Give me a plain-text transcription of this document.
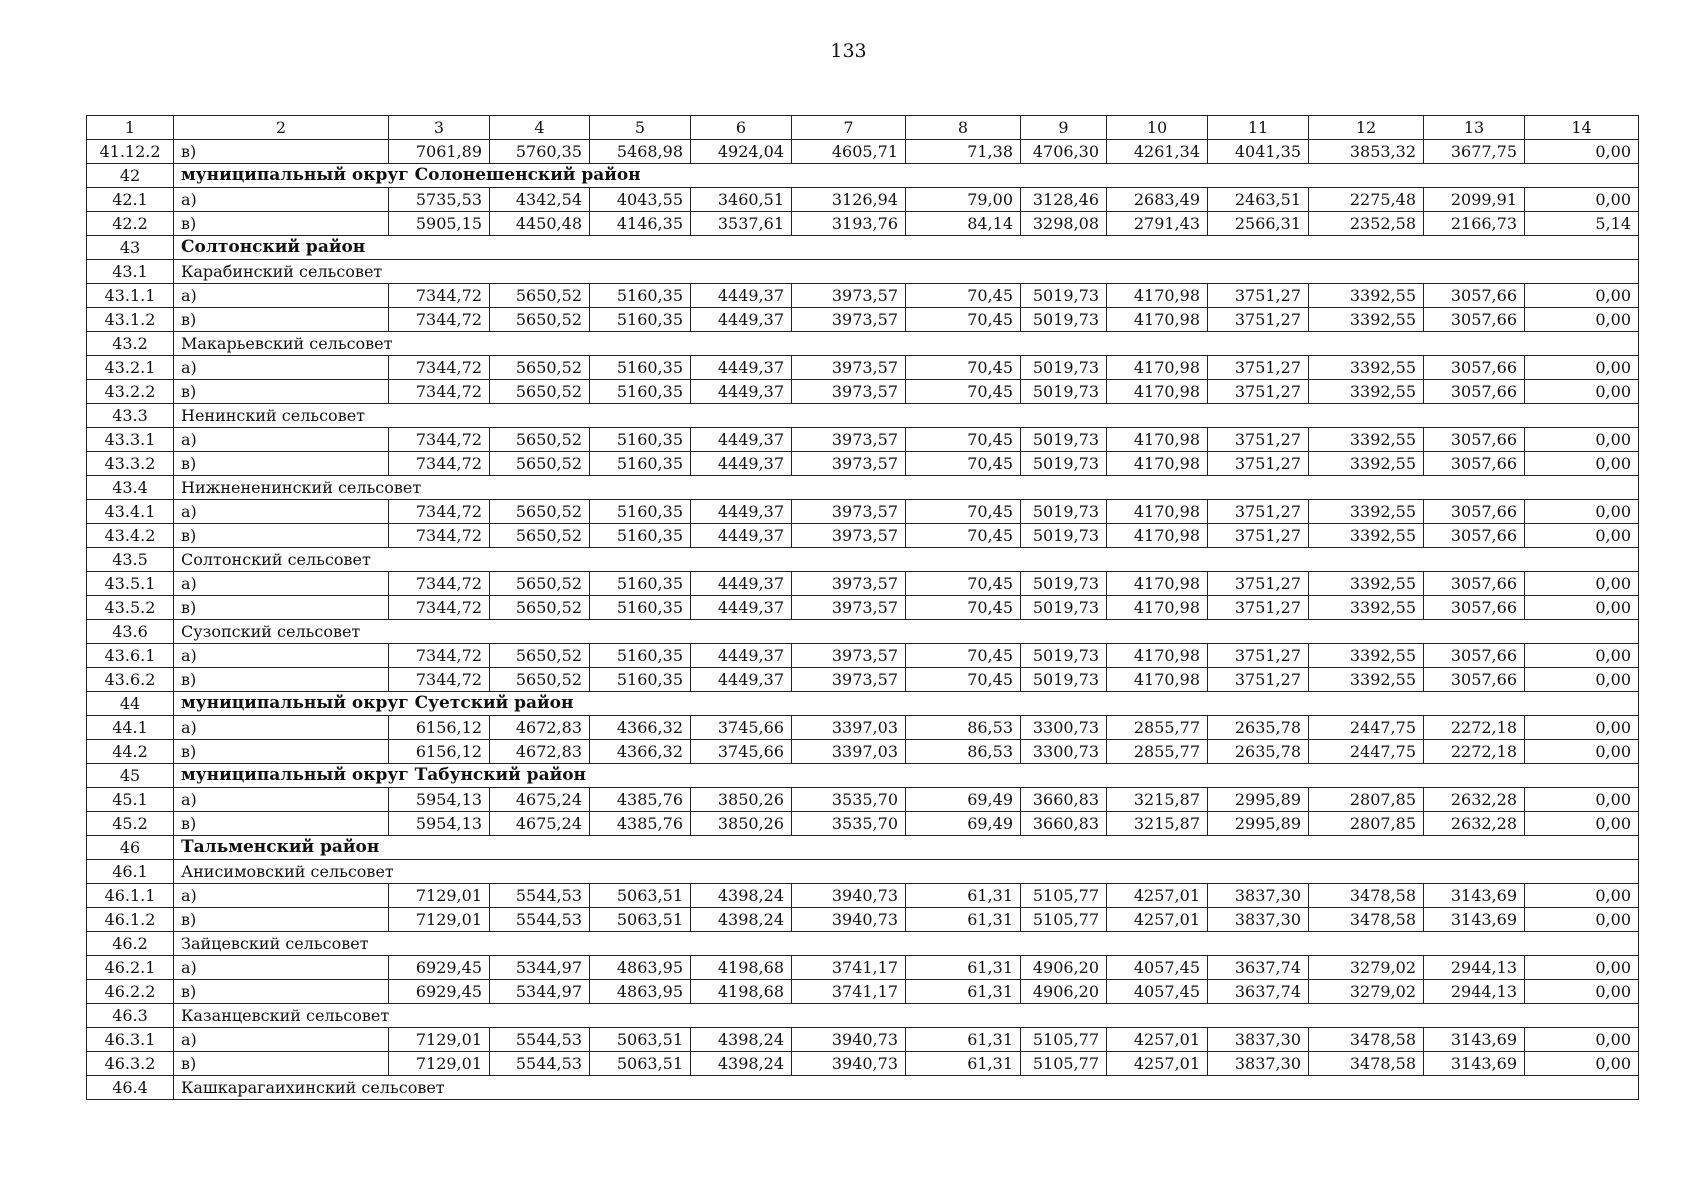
133
1	2	3	4	5	6	7	8	9	10	11	12	13	14
41.12.2	в)	7061,89	5760,35	5468,98	4924,04	4605,71	71,38	4706,30	4261,34	4041,35	3853,32	3677,75	0,00
42	муниципальный округ Солонешенский район												
42.1	а)	5735,53	4342,54	4043,55	3460,51	3126,94	79,00	3128,46	2683,49	2463,51	2275,48	2099,91	0,00
42.2	в)	5905,15	4450,48	4146,35	3537,61	3193,76	84,14	3298,08	2791,43	2566,31	2352,58	2166,73	5,14
43	Солтонский район												
43.1	Карабинский сельсовет												
43.1.1	а)	7344,72	5650,52	5160,35	4449,37	3973,57	70,45	5019,73	4170,98	3751,27	3392,55	3057,66	0,00
43.1.2	в)	7344,72	5650,52	5160,35	4449,37	3973,57	70,45	5019,73	4170,98	3751,27	3392,55	3057,66	0,00
43.2	Макарьевский сельсовет												
43.2.1	а)	7344,72	5650,52	5160,35	4449,37	3973,57	70,45	5019,73	4170,98	3751,27	3392,55	3057,66	0,00
43.2.2	в)	7344,72	5650,52	5160,35	4449,37	3973,57	70,45	5019,73	4170,98	3751,27	3392,55	3057,66	0,00
43.3	Ненинский сельсовет												
43.3.1	а)	7344,72	5650,52	5160,35	4449,37	3973,57	70,45	5019,73	4170,98	3751,27	3392,55	3057,66	0,00
43.3.2	в)	7344,72	5650,52	5160,35	4449,37	3973,57	70,45	5019,73	4170,98	3751,27	3392,55	3057,66	0,00
43.4	Нижнененинский сельсовет												
43.4.1	а)	7344,72	5650,52	5160,35	4449,37	3973,57	70,45	5019,73	4170,98	3751,27	3392,55	3057,66	0,00
43.4.2	в)	7344,72	5650,52	5160,35	4449,37	3973,57	70,45	5019,73	4170,98	3751,27	3392,55	3057,66	0,00
43.5	Солтонский сельсовет												
43.5.1	а)	7344,72	5650,52	5160,35	4449,37	3973,57	70,45	5019,73	4170,98	3751,27	3392,55	3057,66	0,00
43.5.2	в)	7344,72	5650,52	5160,35	4449,37	3973,57	70,45	5019,73	4170,98	3751,27	3392,55	3057,66	0,00
43.6	Сузопский сельсовет												
43.6.1	а)	7344,72	5650,52	5160,35	4449,37	3973,57	70,45	5019,73	4170,98	3751,27	3392,55	3057,66	0,00
43.6.2	в)	7344,72	5650,52	5160,35	4449,37	3973,57	70,45	5019,73	4170,98	3751,27	3392,55	3057,66	0,00
44	муниципальный округ Суетский район												
44.1	а)	6156,12	4672,83	4366,32	3745,66	3397,03	86,53	3300,73	2855,77	2635,78	2447,75	2272,18	0,00
44.2	в)	6156,12	4672,83	4366,32	3745,66	3397,03	86,53	3300,73	2855,77	2635,78	2447,75	2272,18	0,00
45	муниципальный округ Табунский район												
45.1	а)	5954,13	4675,24	4385,76	3850,26	3535,70	69,49	3660,83	3215,87	2995,89	2807,85	2632,28	0,00
45.2	в)	5954,13	4675,24	4385,76	3850,26	3535,70	69,49	3660,83	3215,87	2995,89	2807,85	2632,28	0,00
46	Тальменский район												
46.1	Анисимовский сельсовет												
46.1.1	а)	7129,01	5544,53	5063,51	4398,24	3940,73	61,31	5105,77	4257,01	3837,30	3478,58	3143,69	0,00
46.1.2	в)	7129,01	5544,53	5063,51	4398,24	3940,73	61,31	5105,77	4257,01	3837,30	3478,58	3143,69	0,00
46.2	Зайцевский сельсовет												
46.2.1	а)	6929,45	5344,97	4863,95	4198,68	3741,17	61,31	4906,20	4057,45	3637,74	3279,02	2944,13	0,00
46.2.2	в)	6929,45	5344,97	4863,95	4198,68	3741,17	61,31	4906,20	4057,45	3637,74	3279,02	2944,13	0,00
46.3	Казанцевский сельсовет												
46.3.1	а)	7129,01	5544,53	5063,51	4398,24	3940,73	61,31	5105,77	4257,01	3837,30	3478,58	3143,69	0,00
46.3.2	в)	7129,01	5544,53	5063,51	4398,24	3940,73	61,31	5105,77	4257,01	3837,30	3478,58	3143,69	0,00
46.4	Кашкарагаихинский сельсовет												
